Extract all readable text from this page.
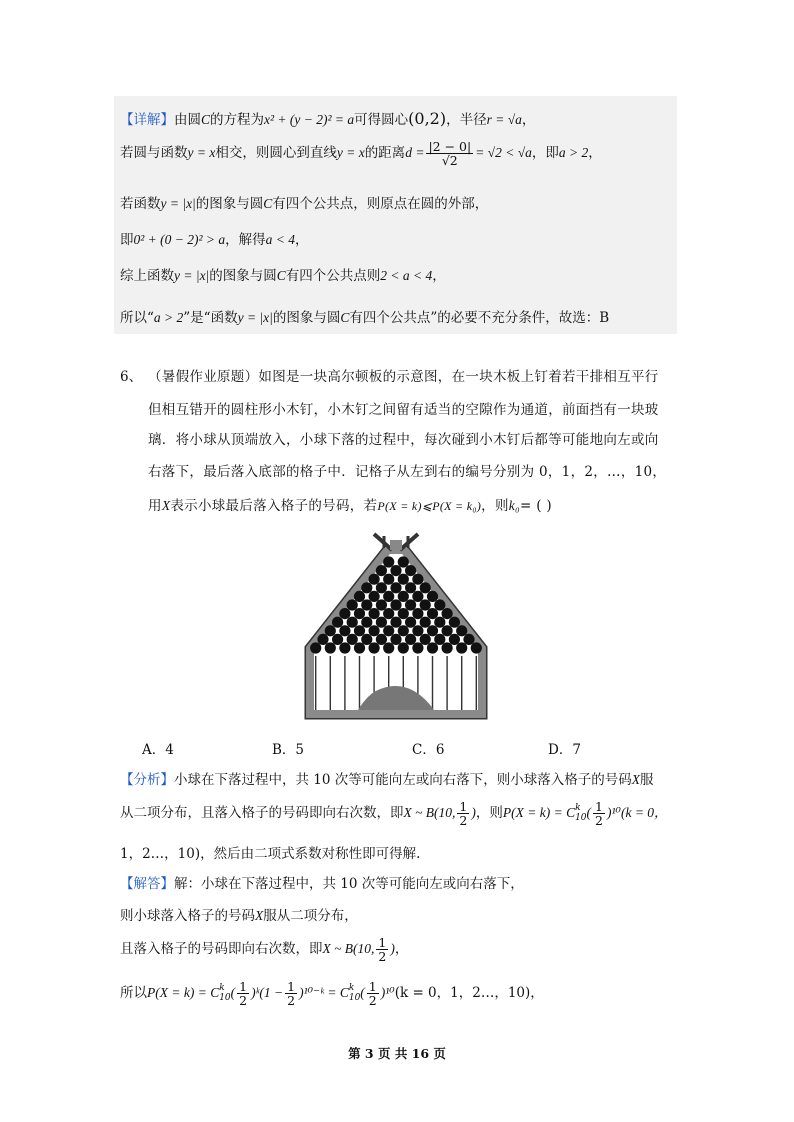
【详解】由圆C的方程为x² + (y − 2)² = a可得圆心(0,2)，半径r = √a，
若圆与函数y = x相交，则圆心到直线y = x的距离$d = \frac{|2 - 0|}{√2} = √2 < √a$，即a > 2，
若函数y = |x|的图象与圆C有四个公共点，则原点在圆的外部，
即0² + (0 − 2)² > a，解得a < 4，
综上函数y = |x|的图象与圆C有四个公共点则2 < a < 4，
所以“a > 2”是“函数y = |x|的图象与圆C有四个公共点”的必要不充分条件，故选：B
6、 （暑假作业原题）如图是一块高尔顿板的示意图，在一块木板上钉着若干排相互平行
但相互错开的圆柱形小木钉，小木钉之间留有适当的空隙作为通道，前面挡有一块玻
璃．将小球从顶端放入，小球下落的过程中，每次碰到小木钉后都等可能地向左或向
右落下，最后落入底部的格子中．记格子从左到右的编号分别为 0，1，2，…，10，
用X表示小球最后落入格子的号码，若P(X = k)⩽P(X = k₀)，则k₀= ( )
A．4	B．5	C．6	D．7
【分析】小球在下落过程中，共 10 次等可能向左或向右落下，则小球落入格子的号码X服
从二项分布，且落入格子的号码即向右次数，即X ~ B(10, $\frac{1}{2}$ )，则P(X = k) = C k
10 ( $\frac{1}{2} )^{10}(k = 0$，
1，2…，10)，然后由二项式系数对称性即可得解.
【解答】解：小球在下落过程中，共 10 次等可能向左或向右落下，
则小球落入格子的号码X服从二项分布，
且落入格子的号码即向右次数，即X ~ B(10, $\frac{1}{2}$ )，
所以P(X = k) = C k
10 ( $\frac{1}{2}$ )ᵏ(1 − $\frac{1}{2}$ )¹⁰⁻ᵏ = C k
10 ( $\frac{1}{2} )^{10}(k = 0$，1，2…，10)，
第 3 页 共 16 页
